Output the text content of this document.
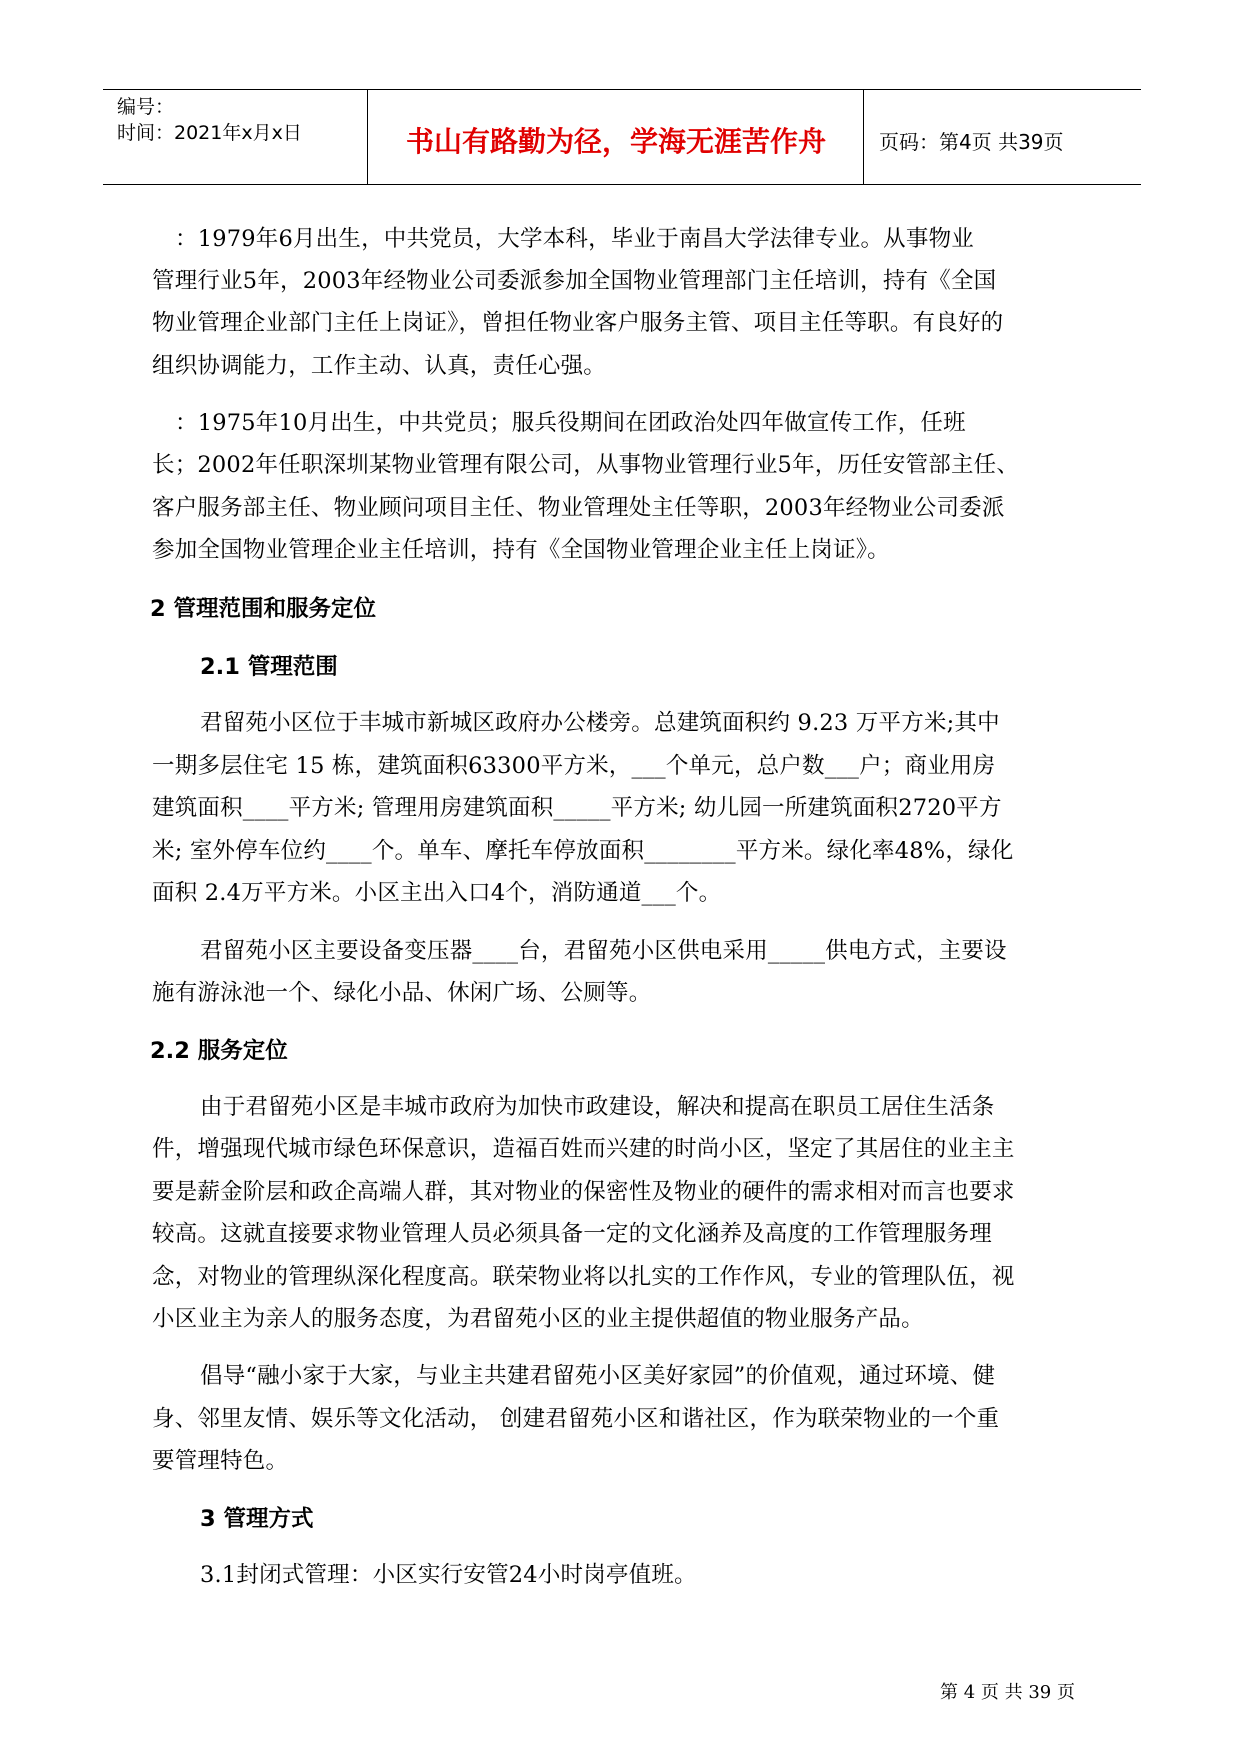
编号：
时间：2021年x月x日	书山有路勤为径，学海无涯苦作舟	页码：第4页 共39页
：1979年6月出生，中共党员，大学本科，毕业于南昌大学法律专业。从事物业
管理行业5年，2003年经物业公司委派参加全国物业管理部门主任培训，持有《全国
物业管理企业部门主任上岗证》，曾担任物业客户服务主管、项目主任等职。有良好的
组织协调能力，工作主动、认真，责任心强。
：1975年10月出生，中共党员；服兵役期间在团政治处四年做宣传工作，任班
长；2002年任职深圳某物业管理有限公司，从事物业管理行业5年，历任安管部主任、
客户服务部主任、物业顾问项目主任、物业管理处主任等职，2003年经物业公司委派
参加全国物业管理企业主任培训，持有《全国物业管理企业主任上岗证》。
2 管理范围和服务定位
2.1 管理范围
君留苑小区位于丰城市新城区政府办公楼旁。总建筑面积约 9.23 万平方米;其中
一期多层住宅 15 栋，建筑面积63300平方米，___个单元，总户数___户；商业用房
建筑面积____平方米; 管理用房建筑面积_____平方米; 幼儿园一所建筑面积2720平方
米; 室外停车位约____个。单车、摩托车停放面积________平方米。绿化率48%，绿化
面积 2.4万平方米。小区主出入口4个，消防通道___个。
君留苑小区主要设备变压器____台，君留苑小区供电采用_____供电方式，主要设
施有游泳池一个、绿化小品、休闲广场、公厕等。
2.2 服务定位
由于君留苑小区是丰城市政府为加快市政建设，解决和提高在职员工居住生活条
件，增强现代城市绿色环保意识，造福百姓而兴建的时尚小区，坚定了其居住的业主主
要是薪金阶层和政企高端人群，其对物业的保密性及物业的硬件的需求相对而言也要求
较高。这就直接要求物业管理人员必须具备一定的文化涵养及高度的工作管理服务理
念，对物业的管理纵深化程度高。联荣物业将以扎实的工作作风，专业的管理队伍，视
小区业主为亲人的服务态度，为君留苑小区的业主提供超值的物业服务产品。
倡导“融小家于大家，与业主共建君留苑小区美好家园”的价值观，通过环境、健
身、邻里友情、娱乐等文化活动， 创建君留苑小区和谐社区，作为联荣物业的一个重
要管理特色。
3 管理方式
3.1封闭式管理：小区实行安管24小时岗亭值班。
第 4 页 共 39 页
